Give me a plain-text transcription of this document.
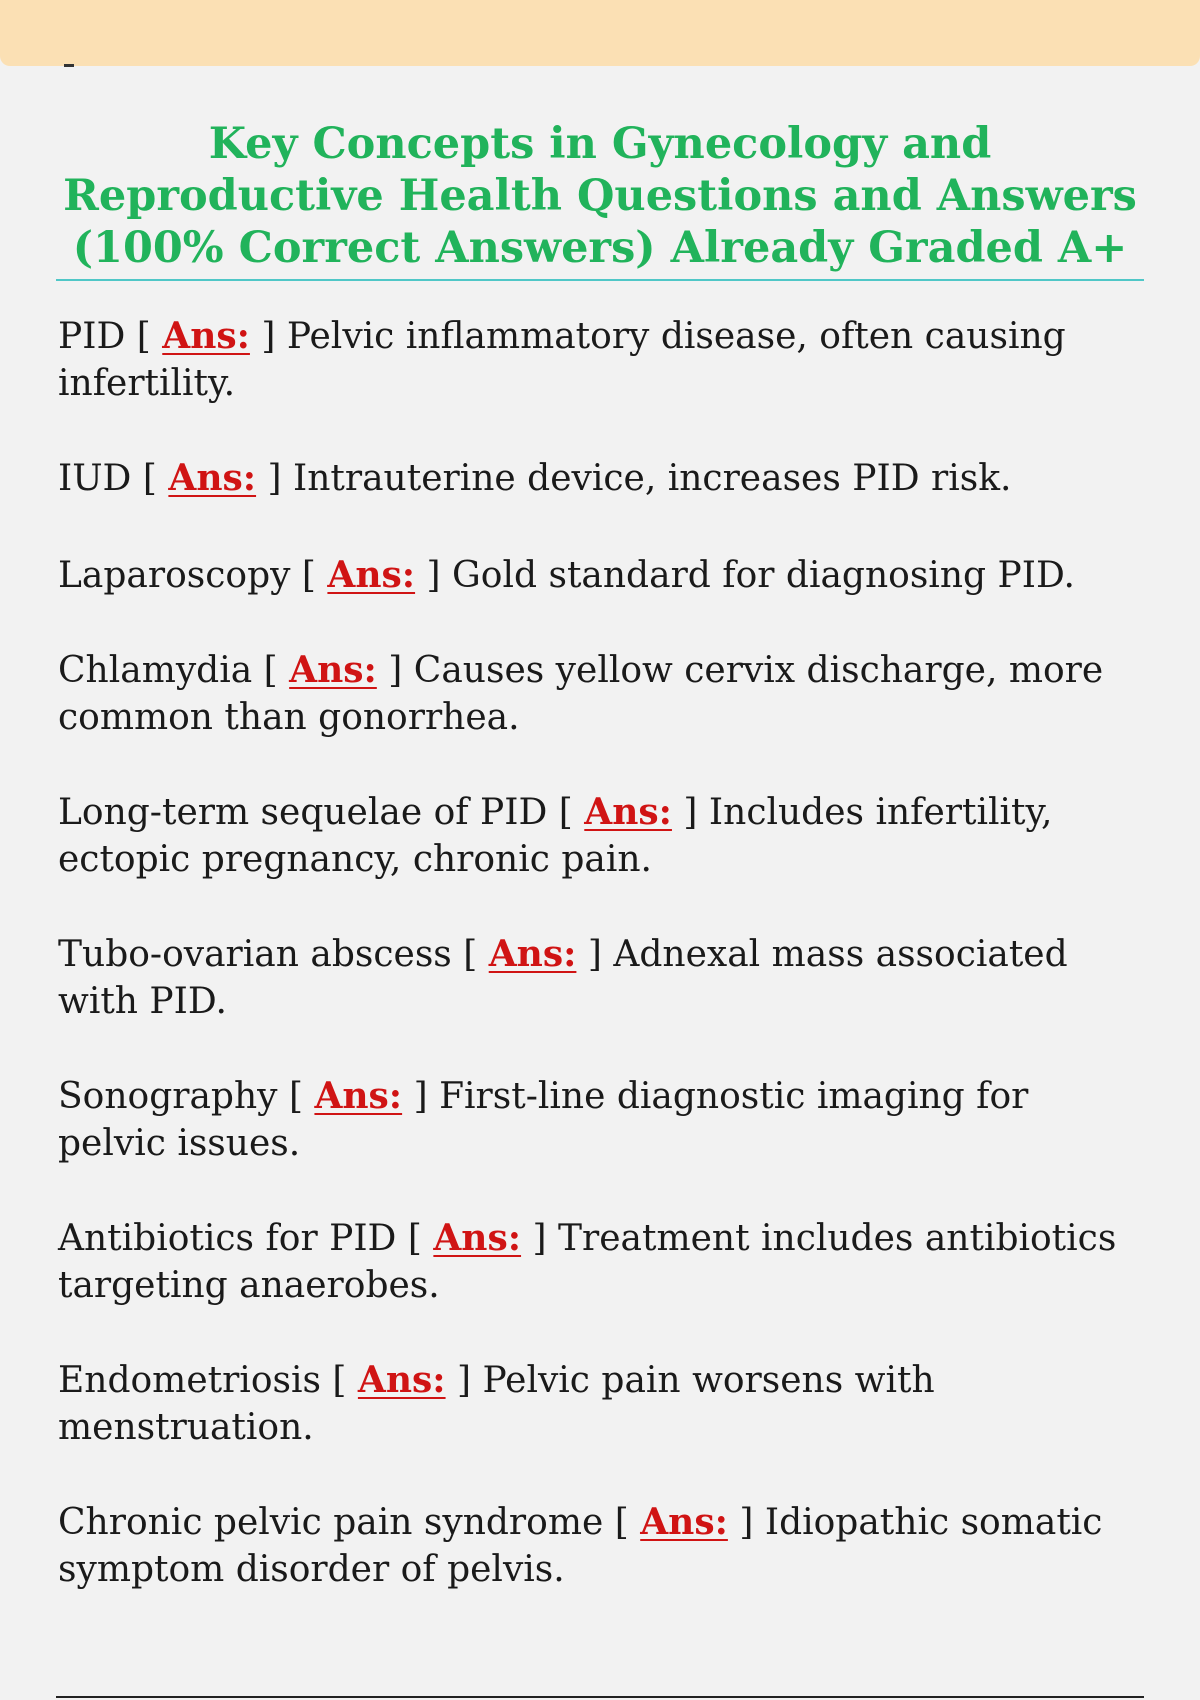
Key Concepts in Gynecology and Reproductive Health Questions and Answers (100% Correct Answers) Already Graded A+

PID [ Ans: ] Pelvic inflammatory disease, often causing infertility.

IUD [ Ans: ] Intrauterine device, increases PID risk.

Laparoscopy [ Ans: ] Gold standard for diagnosing PID.

Chlamydia [ Ans: ] Causes yellow cervix discharge, more common than gonorrhea.

Long-term sequelae of PID [ Ans: ] Includes infertility, ectopic pregnancy, chronic pain.

Tubo-ovarian abscess [ Ans: ] Adnexal mass associated with PID.

Sonography [ Ans: ] First-line diagnostic imaging for pelvic issues.

Antibiotics for PID [ Ans: ] Treatment includes antibiotics targeting anaerobes.

Endometriosis [ Ans: ] Pelvic pain worsens with menstruation.

Chronic pelvic pain syndrome [ Ans: ] Idiopathic somatic symptom disorder of pelvis.
